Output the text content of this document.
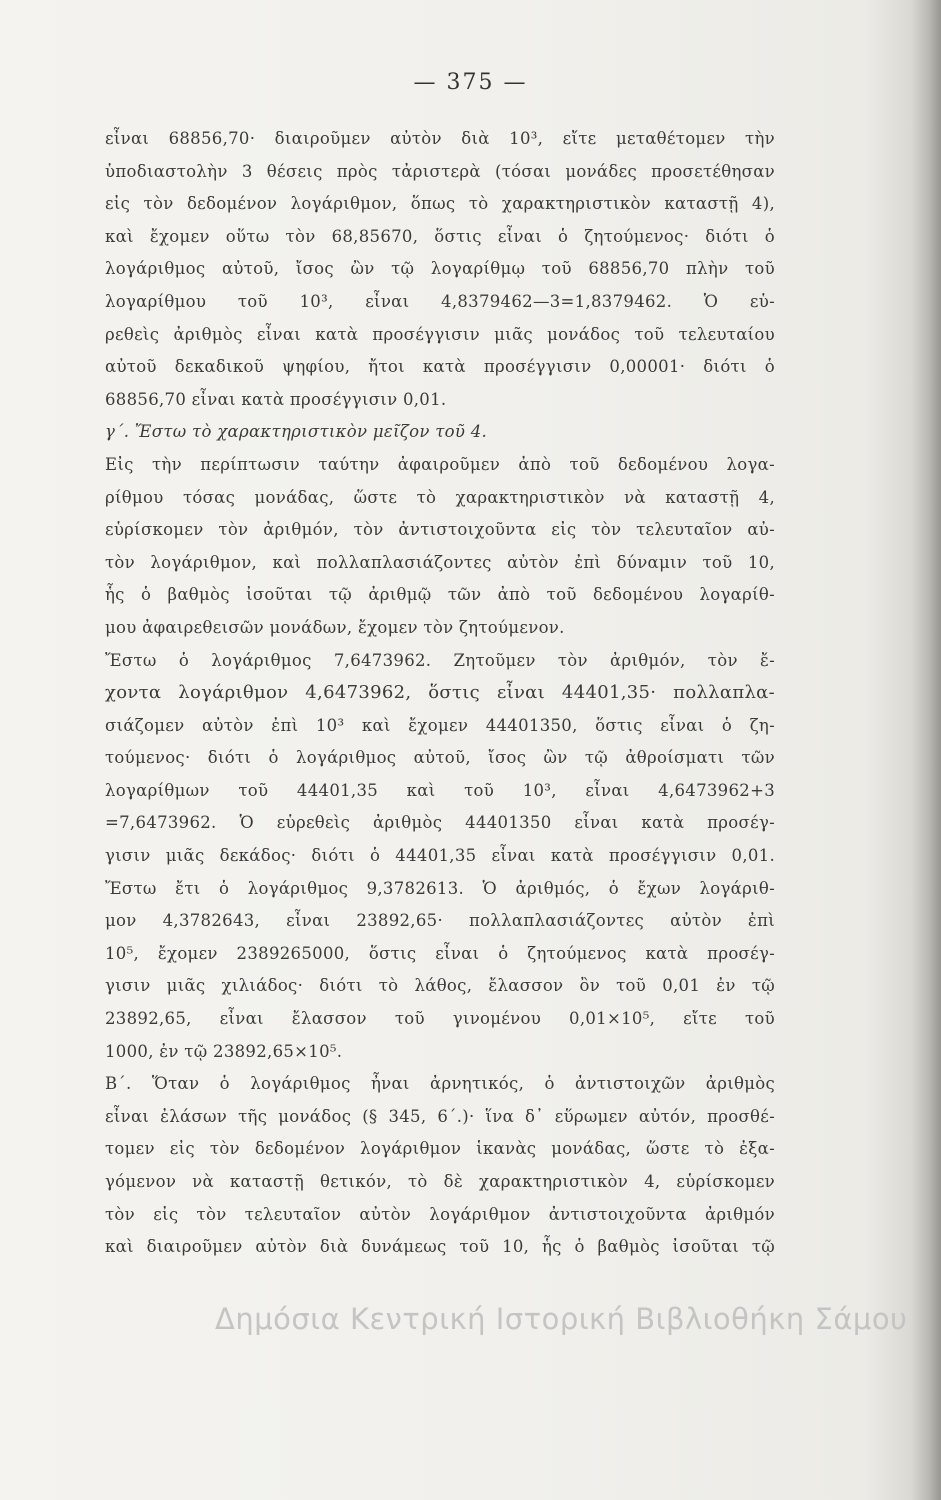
— 375 —
εἶναι 68856,70· διαιροῦμεν αὐτὸν διὰ 10³, εἴτε μεταθέτομεν τὴν
ὑποδιαστολὴν 3 θέσεις πρὸς τἀριστερὰ (τόσαι μονάδες προσετέθησαν
εἰς τὸν δεδομένον λογάριθμον, ὅπως τὸ χαρακτηριστικὸν καταστῇ 4),
καὶ ἔχομεν οὕτω τὸν 68,85670, ὅστις εἶναι ὁ ζητούμενος· διότι ὁ
λογάριθμος αὐτοῦ, ἴσος ὢν τῷ λογαρίθμῳ τοῦ 68856,70 πλὴν τοῦ
λογαρίθμου τοῦ 10³, εἶναι 4,8379462—3=1,8379462. Ὁ εὑ-
ρεθεὶς ἀριθμὸς εἶναι κατὰ προσέγγισιν μιᾶς μονάδος τοῦ τελευταίου
αὐτοῦ δεκαδικοῦ ψηφίου, ἤτοι κατὰ προσέγγισιν 0,00001· διότι ὁ
68856,70 εἶναι κατὰ προσέγγισιν 0,01.
γ΄. Ἔστω τὸ χαρακτηριστικὸν μεῖζον τοῦ 4.
Εἰς τὴν περίπτωσιν ταύτην ἀφαιροῦμεν ἀπὸ τοῦ δεδομένου λογα-
ρίθμου τόσας μονάδας, ὥστε τὸ χαρακτηριστικὸν νὰ καταστῇ 4,
εὑρίσκομεν τὸν ἀριθμόν, τὸν ἀντιστοιχοῦντα εἰς τὸν τελευταῖον αὐ-
τὸν λογάριθμον, καὶ πολλαπλασιάζοντες αὐτὸν ἐπὶ δύναμιν τοῦ 10,
ἧς ὁ βαθμὸς ἰσοῦται τῷ ἀριθμῷ τῶν ἀπὸ τοῦ δεδομένου λογαρίθ-
μου ἀφαιρεθεισῶν μονάδων, ἔχομεν τὸν ζητούμενον.
Ἔστω ὁ λογάριθμος 7,6473962. Ζητοῦμεν τὸν ἀριθμόν, τὸν ἔ-
χοντα λογάριθμον 4,6473962, ὅστις εἶναι 44401,35· πολλαπλα-
σιάζομεν αὐτὸν ἐπὶ 10³ καὶ ἔχομεν 44401350, ὅστις εἶναι ὁ ζη-
τούμενος· διότι ὁ λογάριθμος αὐτοῦ, ἴσος ὢν τῷ ἀθροίσματι τῶν
λογαρίθμων τοῦ 44401,35 καὶ τοῦ 10³, εἶναι 4,6473962+3
=7,6473962. Ὁ εὑρεθεὶς ἀριθμὸς 44401350 εἶναι κατὰ προσέγ-
γισιν μιᾶς δεκάδος· διότι ὁ 44401,35 εἶναι κατὰ προσέγγισιν 0,01.
Ἔστω ἔτι ὁ λογάριθμος 9,3782613. Ὁ ἀριθμός, ὁ ἔχων λογάριθ-
μον 4,3782643, εἶναι 23892,65· πολλαπλασιάζοντες αὐτὸν ἐπὶ
10⁵, ἔχομεν 2389265000, ὅστις εἶναι ὁ ζητούμενος κατὰ προσέγ-
γισιν μιᾶς χιλιάδος· διότι τὸ λάθος, ἔλασσον ὂν τοῦ 0,01 ἐν τῷ
23892,65, εἶναι ἔλασσον τοῦ γινομένου 0,01×10⁵, εἴτε τοῦ
1000, ἐν τῷ 23892,65×10⁵.
Β΄. Ὅταν ὁ λογάριθμος ἦναι ἀρνητικός, ὁ ἀντιστοιχῶν ἀριθμὸς
εἶναι ἐλάσων τῆς μονάδος (§ 345, 6΄.)· ἵνα δ᾽ εὕρωμεν αὐτόν, προσθέ-
τομεν εἰς τὸν δεδομένον λογάριθμον ἱκανὰς μονάδας, ὥστε τὸ ἐξα-
γόμενον νὰ καταστῇ θετικόν, τὸ δὲ χαρακτηριστικὸν 4, εὑρίσκομεν
τὸν εἰς τὸν τελευταῖον αὐτὸν λογάριθμον ἀντιστοιχοῦντα ἀριθμόν
καὶ διαιροῦμεν αὐτὸν διὰ δυνάμεως τοῦ 10, ἧς ὁ βαθμὸς ἰσοῦται τῷ
Δημόσια Κεντρική Ιστορική Βιβλιοθήκη Σάμου
